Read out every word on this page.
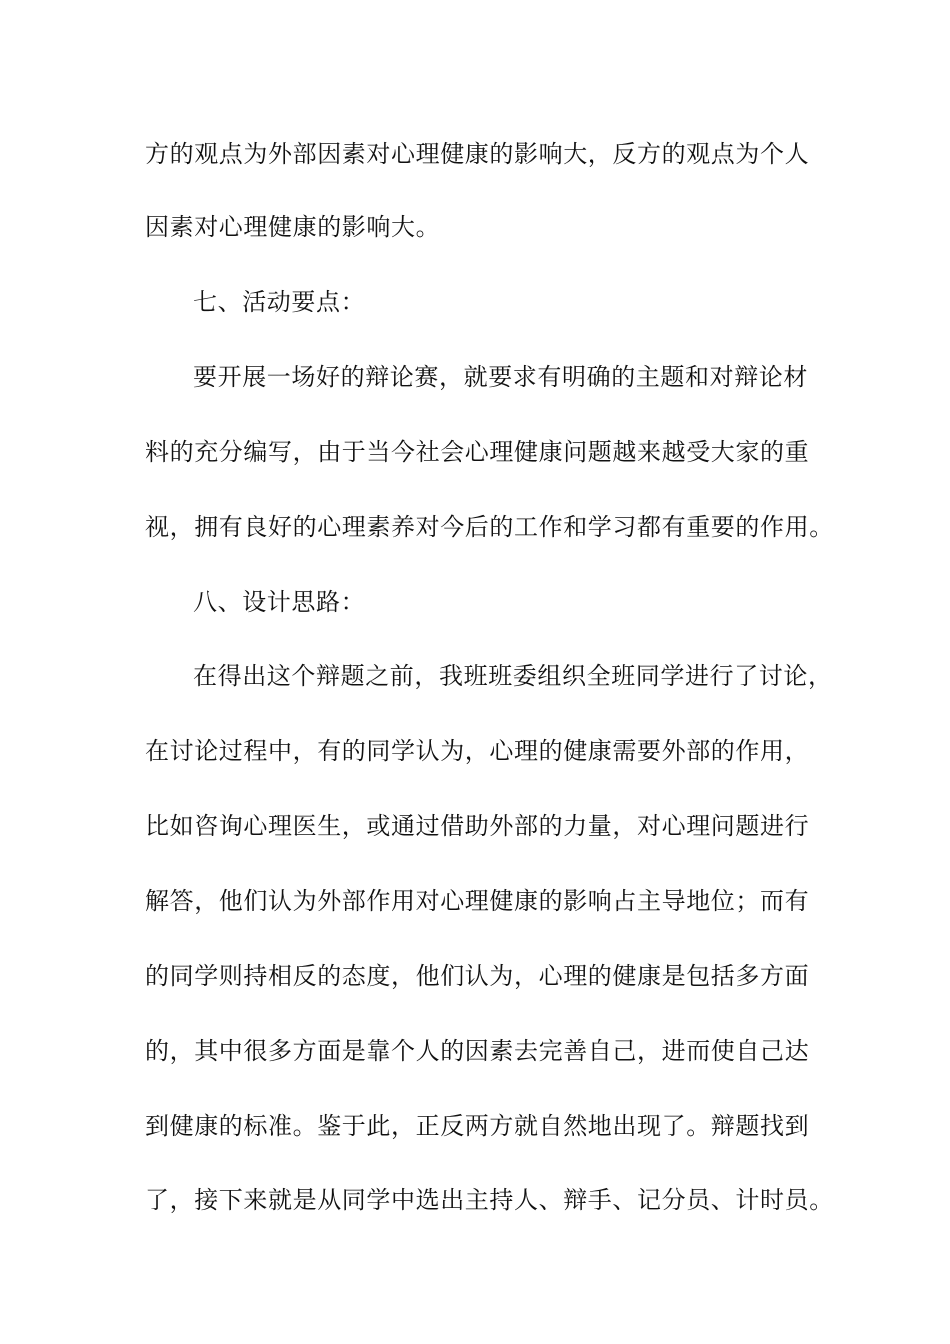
方的观点为外部因素对心理健康的影响大，反方的观点为个人
因素对心理健康的影响大。
七、活动要点：
要开展一场好的辩论赛，就要求有明确的主题和对辩论材
料的充分编写，由于当今社会心理健康问题越来越受大家的重
视，拥有良好的心理素养对今后的工作和学习都有重要的作用。
八、设计思路：
在得出这个辩题之前，我班班委组织全班同学进行了讨论，
在讨论过程中，有的同学认为，心理的健康需要外部的作用，
比如咨询心理医生，或通过借助外部的力量，对心理问题进行
解答，他们认为外部作用对心理健康的影响占主导地位；而有
的同学则持相反的态度，他们认为，心理的健康是包括多方面
的，其中很多方面是靠个人的因素去完善自己，进而使自己达
到健康的标准。鉴于此，正反两方就自然地出现了。辩题找到
了，接下来就是从同学中选出主持人、辩手、记分员、计时员。
